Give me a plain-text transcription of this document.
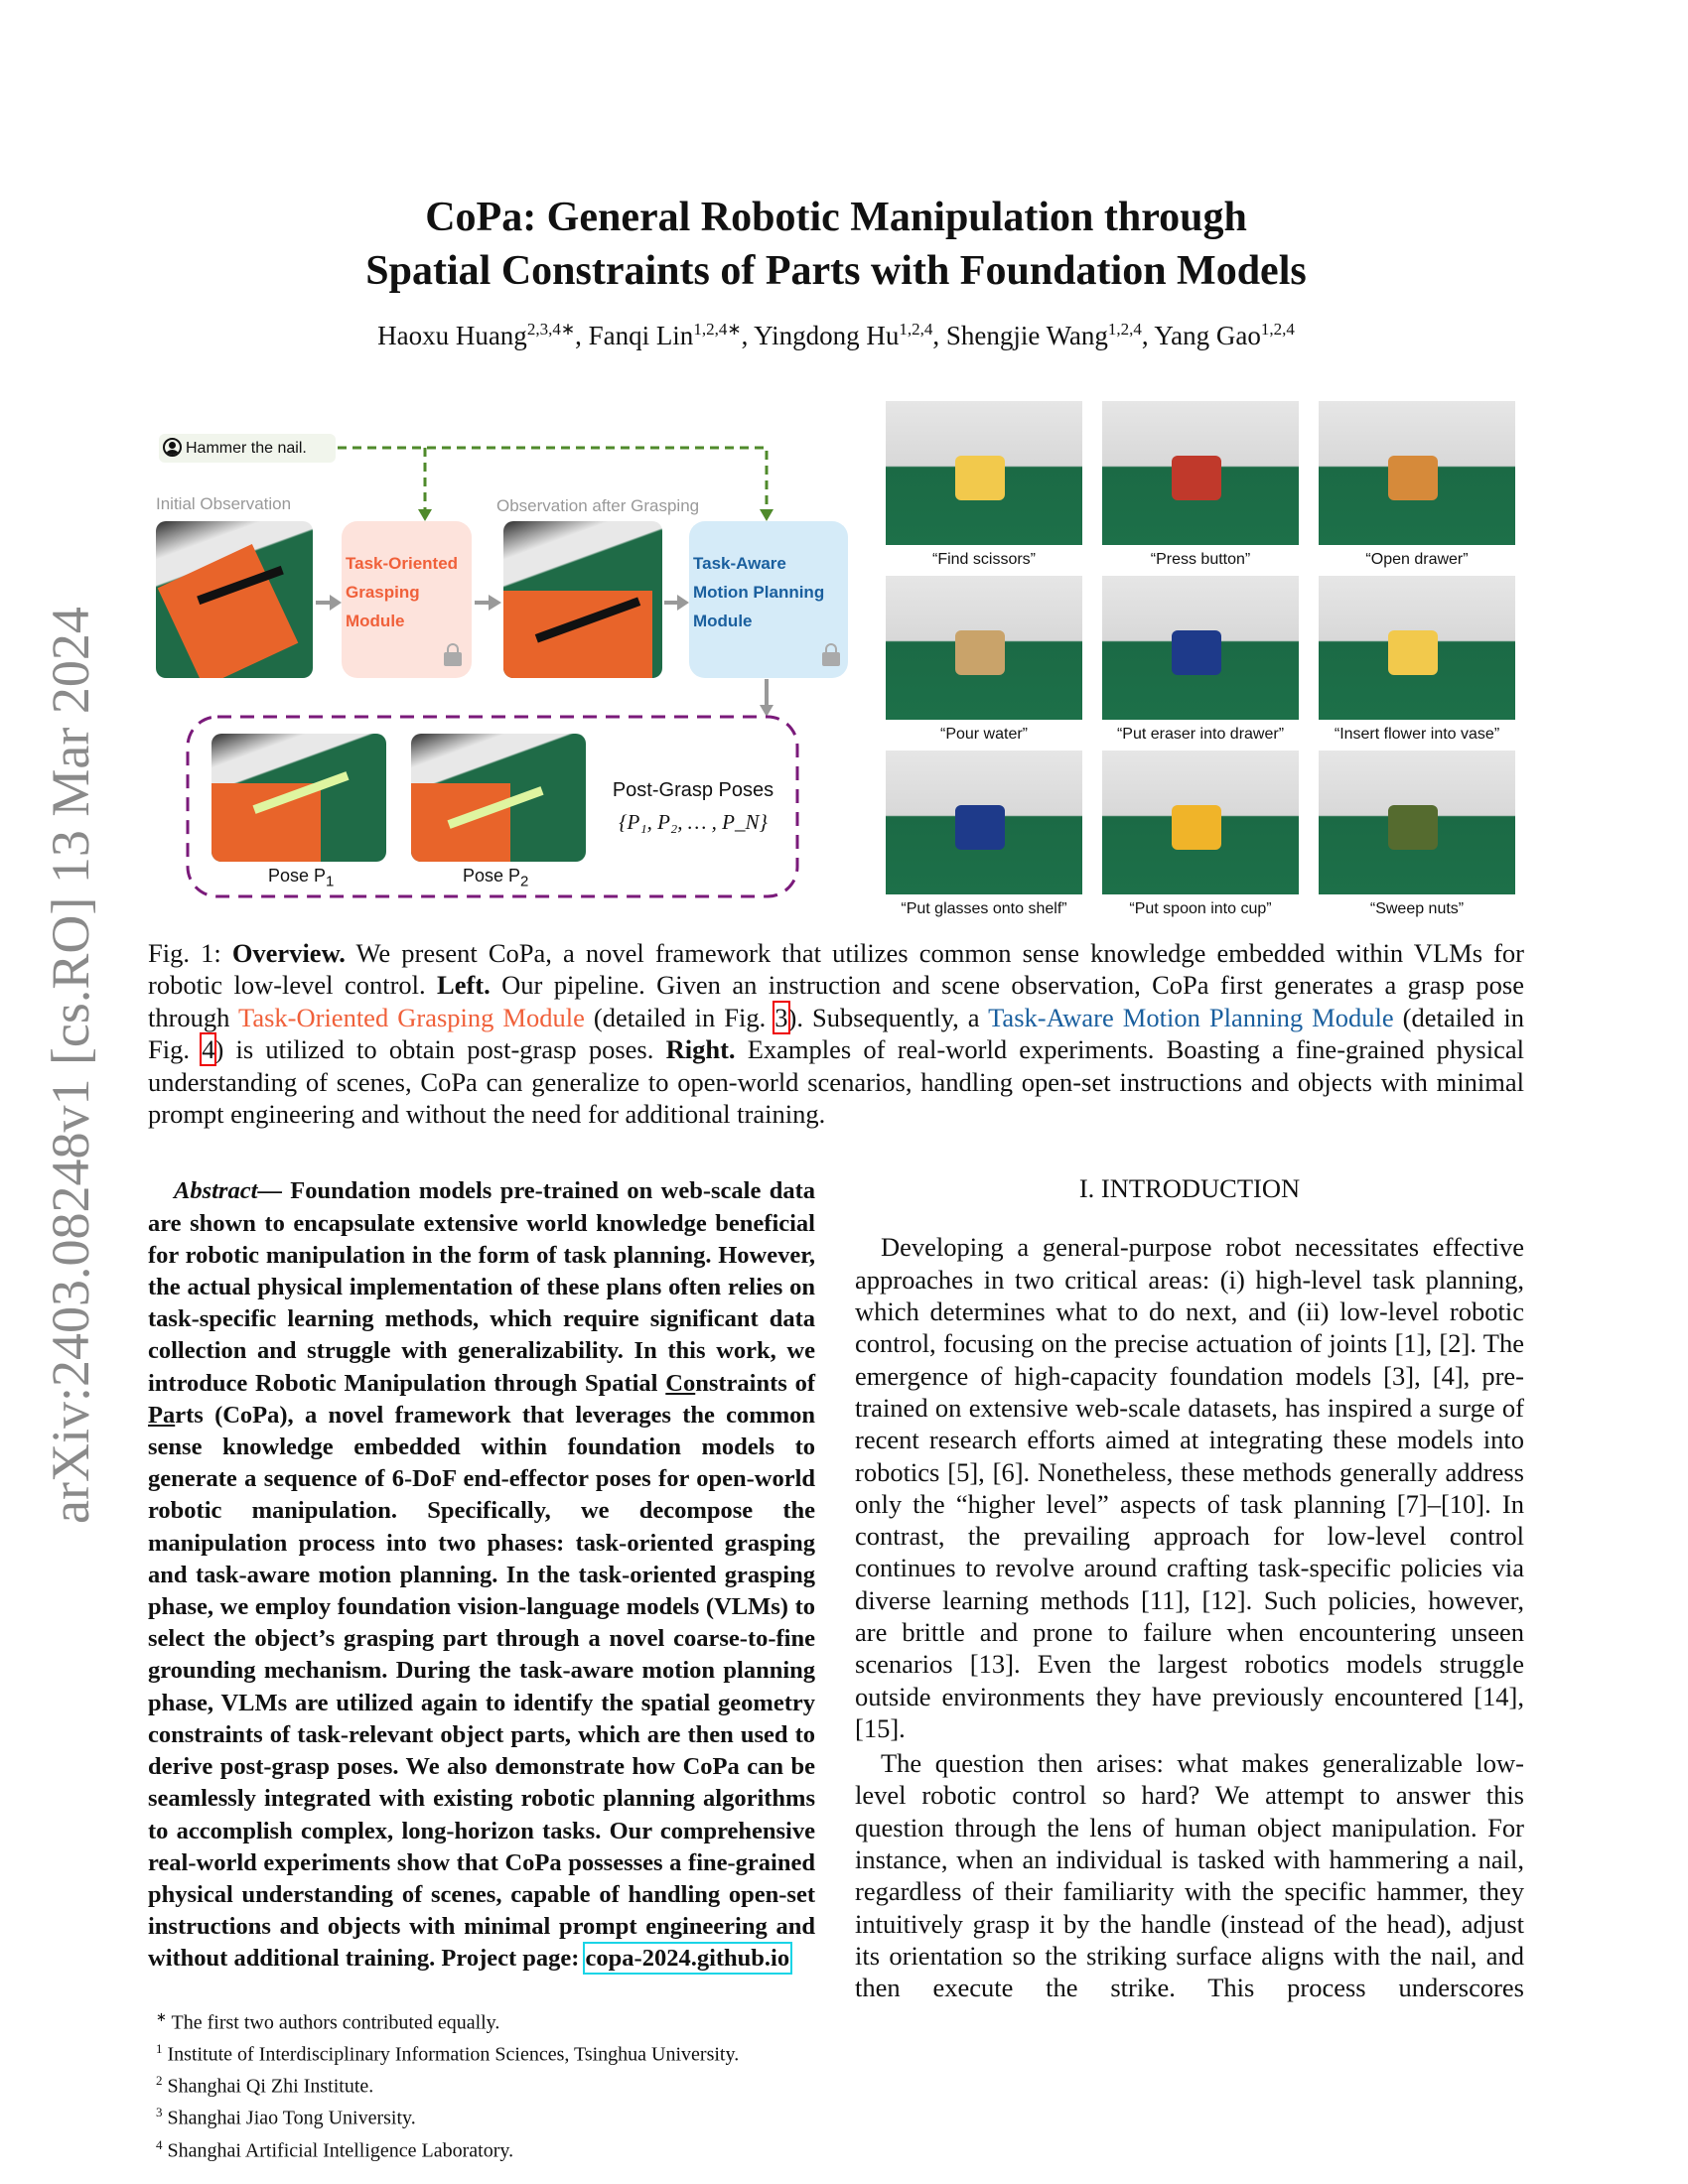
arXiv:2403.08248v1 [cs.RO] 13 Mar 2024
CoPa: General Robotic Manipulation through
Spatial Constraints of Parts with Foundation Models
Haoxu Huang$^{2,3,4∗}$, Fanqi Lin$^{1,2,4∗}$, Yingdong Hu$^{1,2,4}$, Shengjie Wang$^{1,2,4}$, Yang Gao$^{1,2,4}$
Hammer the nail.
Initial Observation	Observation after Grasping
Task-Oriented
Grasping
Module
Task-Aware
Motion Planning
Module
Pose $P_1$	Pose $P_2$
Post-Grasp Poses
{P₁, P₂, … , P_N}
“Find scissors”	“Press button”	“Open drawer”
“Pour water”	“Put eraser into drawer”	“Insert flower into vase”
“Put glasses onto shelf”	“Put spoon into cup”	“Sweep nuts”
Fig. 1: Overview. We present CoPa, a novel framework that utilizes common sense knowledge embedded within VLMs for robotic low-level control. Left. Our pipeline. Given an instruction and scene observation, CoPa first generates a grasp pose through Task-Oriented Grasping Module (detailed in Fig. 3). Subsequently, a Task-Aware Motion Planning Module (detailed in Fig. 4) is utilized to obtain post-grasp poses. Right. Examples of real-world experiments. Boasting a fine-grained physical understanding of scenes, CoPa can generalize to open-world scenarios, handling open-set instructions and objects with minimal prompt engineering and without the need for additional training.
Abstract— Foundation models pre-trained on web-scale data are shown to encapsulate extensive world knowledge beneficial for robotic manipulation in the form of task planning. However, the actual physical implementation of these plans often relies on task-specific learning methods, which require significant data collection and struggle with generalizability. In this work, we introduce Robotic Manipulation through Spatial Constraints of Parts (CoPa), a novel framework that leverages the common sense knowledge embedded within foundation models to generate a sequence of 6-DoF end-effector poses for open-world robotic manipulation. Specifically, we decompose the manipulation process into two phases: task-oriented grasping and task-aware motion planning. In the task-oriented grasping phase, we employ foundation vision-language models (VLMs) to select the object’s grasping part through a novel coarse-to-fine grounding mechanism. During the task-aware motion planning phase, VLMs are utilized again to identify the spatial geometry constraints of task-relevant object parts, which are then used to derive post-grasp poses. We also demonstrate how CoPa can be seamlessly integrated with existing robotic planning algorithms to accomplish complex, long-horizon tasks. Our comprehensive real-world experiments show that CoPa possesses a fine-grained physical understanding of scenes, capable of handling open-set instructions and objects with minimal prompt engineering and without additional training. Project page: copa-2024.github.io
∗ The first two authors contributed equally.
$^1$ Institute of Interdisciplinary Information Sciences, Tsinghua University.
$^2$ Shanghai Qi Zhi Institute.
$^3$ Shanghai Jiao Tong University.
$^4$ Shanghai Artificial Intelligence Laboratory.
I. INTRODUCTION

Developing a general-purpose robot necessitates effective approaches in two critical areas: (i) high-level task planning, which determines what to do next, and (ii) low-level robotic control, focusing on the precise actuation of joints [1], [2]. The emergence of high-capacity foundation models [3], [4], pre-trained on extensive web-scale datasets, has inspired a surge of recent research efforts aimed at integrating these models into robotics [5], [6]. Nonetheless, these methods generally address only the “higher level” aspects of task planning [7]–[10]. In contrast, the prevailing approach for low-level control continues to revolve around crafting task-specific policies via diverse learning methods [11], [12]. Such policies, however, are brittle and prone to failure when encountering unseen scenarios [13]. Even the largest robotics models struggle outside environments they have previously encountered [14], [15].

The question then arises: what makes generalizable low-level robotic control so hard? We attempt to answer this question through the lens of human object manipulation. For instance, when an individual is tasked with hammering a nail, regardless of their familiarity with the specific hammer, they intuitively grasp it by the handle (instead of the head), adjust its orientation so the striking surface aligns with the nail, and then execute the strike. This process underscores
